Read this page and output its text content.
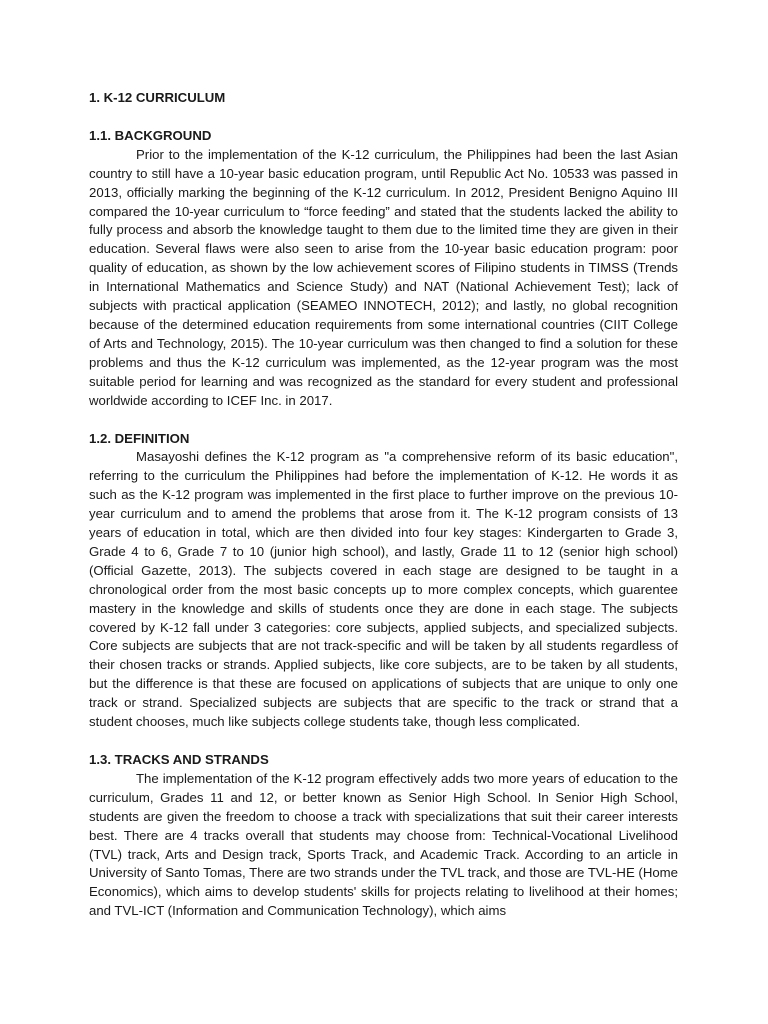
1. K-12 CURRICULUM

1.1. BACKGROUND

Prior to the implementation of the K-12 curriculum, the Philippines had been the last Asian country to still have a 10-year basic education program, until Republic Act No. 10533 was passed in 2013, officially marking the beginning of the K-12 curriculum. In 2012, President Benigno Aquino III compared the 10-year curriculum to “force feeding” and stated that the students lacked the ability to fully process and absorb the knowledge taught to them due to the limited time they are given in their education. Several flaws were also seen to arise from the 10-year basic education program: poor quality of education, as shown by the low achievement scores of Filipino students in TIMSS (Trends in International Mathematics and Science Study) and NAT (National Achievement Test); lack of subjects with practical application (SEAMEO INNOTECH, 2012); and lastly, no global recognition because of the determined education requirements from some international countries (CIIT College of Arts and Technology, 2015). The 10-year curriculum was then changed to find a solution for these problems and thus the K-12 curriculum was implemented, as the 12-year program was the most suitable period for learning and was recognized as the standard for every student and professional worldwide according to ICEF Inc. in 2017.

1.2. DEFINITION

Masayoshi defines the K-12 program as "a comprehensive reform of its basic education", referring to the curriculum the Philippines had before the implementation of K-12. He words it as such as the K-12 program was implemented in the first place to further improve on the previous 10-year curriculum and to amend the problems that arose from it. The K-12 program consists of 13 years of education in total, which are then divided into four key stages: Kindergarten to Grade 3, Grade 4 to 6, Grade 7 to 10 (junior high school), and lastly, Grade 11 to 12 (senior high school) (Official Gazette, 2013). The subjects covered in each stage are designed to be taught in a chronological order from the most basic concepts up to more complex concepts, which guarentee mastery in the knowledge and skills of students once they are done in each stage. The subjects covered by K-12 fall under 3 categories: core subjects, applied subjects, and specialized subjects. Core subjects are subjects that are not track-specific and will be taken by all students regardless of their chosen tracks or strands. Applied subjects, like core subjects, are to be taken by all students, but the difference is that these are focused on applications of subjects that are unique to only one track or strand. Specialized subjects are subjects that are specific to the track or strand that a student chooses, much like subjects college students take, though less complicated.

1.3. TRACKS AND STRANDS

The implementation of the K-12 program effectively adds two more years of education to the curriculum, Grades 11 and 12, or better known as Senior High School. In Senior High School, students are given the freedom to choose a track with specializations that suit their career interests best. There are 4 tracks overall that students may choose from: Technical-Vocational Livelihood (TVL) track, Arts and Design track, Sports Track, and Academic Track. According to an article in University of Santo Tomas, There are two strands under the TVL track, and those are TVL-HE (Home Economics), which aims to develop students' skills for projects relating to livelihood at their homes; and TVL-ICT (Information and Communication Technology), which aims
